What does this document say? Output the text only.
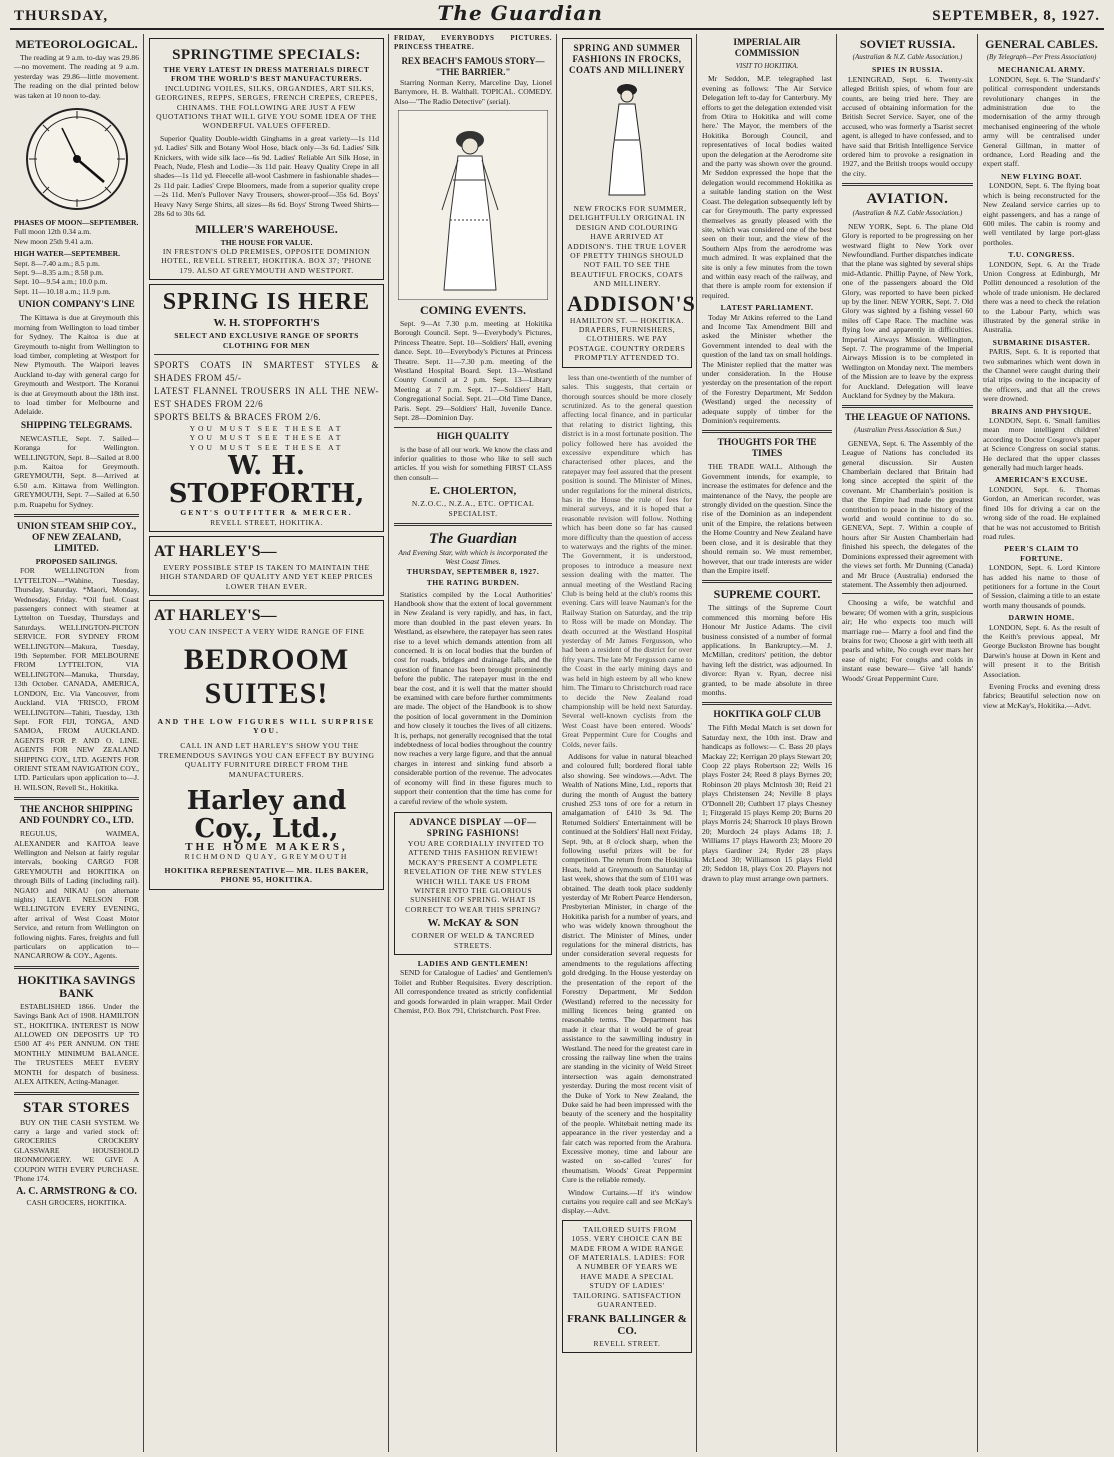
THURSDAY,	The Guardian	SEPTEMBER, 8, 1927.
METEOROLOGICAL.

The reading at 9 a.m. to-day was 29.86—no movement. The reading at 9 a.m. yesterday was 29.86—little movement. The reading on the dial printed below was taken at 10 noon to-day.

PHASES OF MOON—SEPTEMBER.
Full moon 12th 0.34 a.m.
New moon 25th 9.41 a.m.
HIGH WATER—SEPTEMBER.
Sept. 8—7.40 a.m.; 8.5 p.m.
Sept. 9—8.35 a.m.; 8.58 p.m.
Sept. 10—9.54 a.m.; 10.0 p.m.
Sept. 11—10.18 a.m.; 11.9 p.m.
UNION COMPANY'S LINE

The Kittawa is due at Greymouth this morning from Wellington to load timber for Sydney. The Kaitoa is due at Greymouth to-night from Wellington to load timber, completing at Westport for New Plymouth. The Waipori leaves Auckland to-day with general cargo for Greymouth and Westport. The Koranui is due at Greymouth about the 18th inst. to load timber for Melbourne and Adelaide.

SHIPPING TELEGRAMS.

NEWCASTLE, Sept. 7. Sailed—Koranga for Wellington. WELLINGTON, Sept. 8—Sailed at 8.00 p.m. Kaitoa for Greymouth. GREYMOUTH, Sept. 8—Arrived at 6.50 a.m. Kittawa from Wellington. GREYMOUTH, Sept. 7—Sailed at 6.50 p.m. Ruapehu for Sydney.

UNION STEAM SHIP COY., OF NEW ZEALAND, LIMITED.
PROPOSED SAILINGS.

FOR WELLINGTON from LYTTELTON—*Wahine, Tuesday, Thursday, Saturday. *Maori, Monday, Wednesday, Friday. *Oil fuel. Coast passengers connect with steamer at Lyttelton on Tuesday, Thursdays and Saturdays. WELLINGTON-PICTON SERVICE. FOR SYDNEY FROM WELLINGTON—Makura, Tuesday, 19th September. FOR MELBOURNE FROM LYTTELTON, VIA WELLINGTON—Manuka, Thursday, 13th October. CANADA, AMERICA, LONDON, Etc. Via Vancouver, from Auckland. VIA 'FRISCO, FROM WELLINGTON—Tahiti, Tuesday, 13th Sept. FOR FIJI, TONGA, AND SAMOA, FROM AUCKLAND. AGENTS FOR P. AND O. LINE. AGENTS FOR NEW ZEALAND SHIPPING COY., LTD. AGENTS FOR ORIENT STEAM NAVIGATION COY., LTD. Particulars upon application to—J. H. WILSON, Revell St., Hokitika.

THE ANCHOR SHIPPING AND FOUNDRY CO., LTD.

REGULUS, WAIMEA, ALEXANDER and KAITOA leave Wellington and Nelson at fairly regular intervals, booking CARGO FOR GREYMOUTH and HOKITIKA on through Bills of Lading (including rail). NGAIO and NIKAU (on alternate nights) LEAVE NELSON FOR WELLINGTON EVERY EVENING, after arrival of West Coast Motor Service, and return from Wellington on following nights. Fares, freights and full particulars on application to— NANCARROW & COY., Agents.

HOKITIKA SAVINGS BANK

ESTABLISHED 1866. Under the Savings Bank Act of 1908. HAMILTON ST., HOKITIKA. INTEREST IS NOW ALLOWED ON DEPOSITS UP TO £500 AT 4½ PER ANNUM. ON THE MONTHLY MINIMUM BALANCE. The TRUSTEES MEET EVERY MONTH for despatch of business. ALEX AITKEN, Acting-Manager.

STAR STORES

BUY ON THE CASH SYSTEM. We carry a large and varied stock of: GROCERIES CROCKERY GLASSWARE HOUSEHOLD IRONMONGERY. WE GIVE A COUPON WITH EVERY PURCHASE. 'Phone 174.

A. C. ARMSTRONG & CO.
CASH GROCERS, HOKITIKA.
SPRINGTIME SPECIALS:
THE VERY LATEST IN DRESS MATERIALS DIRECT FROM THE WORLD'S BEST MANUFACTURERS.

INCLUDING VOILES, SILKS, ORGANDIES, ART SILKS, GEORGINES, REPPS, SERGES, FRENCH CREPES, CREPES, CHINAMS. THE FOLLOWING ARE JUST A FEW QUOTATIONS THAT WILL GIVE YOU SOME IDEA OF THE WONDERFUL VALUES OFFERED.

Superior Quality Double-width Ginghams in a great variety—1s 11d yd. Ladies' Silk and Botany Wool Hose, black only—3s 6d. Ladies' Silk Knickers, with wide silk lace—6s 9d. Ladies' Reliable Art Silk Hose, in Peach, Nude, Flesh and Lodie—3s 11d pair. Heavy Quality Crepe in all shades—1s 11d yd. Fleecelle all-wool Cashmere in fashionable shades—2s 11d pair. Ladies' Crepe Bloomers, made from a superior quality crepe—2s 11d. Men's Pullover Navy Trousers, shower-proof—35s 6d. Boys' Heavy Navy Serge Shirts, all sizes—8s 6d. Boys' Strong Tweed Shirts—28s 6d to 30s 6d.

MILLER'S WAREHOUSE.
THE HOUSE FOR VALUE.
IN FRESTON'S OLD PREMISES, OPPOSITE DOMINION HOTEL, REVELL STREET, HOKITIKA. BOX 37; 'PHONE 179. ALSO AT GREYMOUTH AND WESTPORT.
SPRING IS HERE
W. H. STOPFORTH'S
SELECT AND EXCLUSIVE RANGE OF SPORTS CLOTHING FOR MEN
SPORTS COATS IN SMARTEST STYLES & SHADES FROM 45/-
LATEST FLANNEL TROUSERS IN ALL THE NEW-EST SHADES FROM 22/6
SPORTS BELTS & BRACES FROM 2/6.
YOU MUST SEE THESE AT
YOU MUST SEE THESE AT
YOU MUST SEE THESE AT
W. H. STOPFORTH,
GENT'S OUTFITTER & MERCER.
REVELL STREET, HOKITIKA.
AT HARLEY'S—
EVERY POSSIBLE STEP IS TAKEN TO MAINTAIN THE HIGH STANDARD OF QUALITY AND YET KEEP PRICES LOWER THAN EVER.
AT HARLEY'S—
YOU CAN INSPECT A VERY WIDE RANGE OF FINE
BEDROOM SUITES!
AND THE LOW FIGURES WILL SURPRISE YOU.

CALL IN AND LET HARLEY'S SHOW YOU THE TREMENDOUS SAVINGS YOU CAN EFFECT BY BUYING QUALITY FURNITURE DIRECT FROM THE MANUFACTURERS.

Harley and Coy., Ltd.,
THE HOME MAKERS,
RICHMOND QUAY, GREYMOUTH
HOKITIKA REPRESENTATIVE— MR. ILES BAKER, PHONE 95, HOKITIKA.
FRIDAY, EVERYBODYS PICTURES. PRINCESS THEATRE.
REX BEACH'S FAMOUS STORY— "THE BARRIER."

Starring Norman Kerry, Marceline Day, Lionel Barrymore, H. B. Walthall. TOPICAL. COMEDY. Also—"The Radio Detective" (serial).

COMING EVENTS.

Sept. 9—At 7.30 p.m. meeting at Hokitika Borough Council. Sept. 9—Everybody's Pictures, Princess Theatre. Sept. 10—Soldiers' Hall, evening dance. Sept. 10—Everybody's Pictures at Princess Theatre. Sept. 11—7.30 p.m. meeting of the Westland Hospital Board. Sept. 13—Westland County Council at 2 p.m. Sept. 13—Library Meeting at 7 p.m. Sept. 17—Soldiers' Hall, Congregational Social. Sept. 21—Old Time Dance, Paris. Sept. 29—Soldiers' Hall, Juvenile Dance. Sept. 28—Dominion Day.

HIGH QUALITY

is the base of all our work. We know the class and inferior qualities to those who like to sell such articles. If you wish for something FIRST CLASS then consult—

E. CHOLERTON,
N.Z.O.C., N.Z.A., ETC. OPTICAL SPECIALIST.
The Guardian
And Evening Star, with which is incorporated the West Coast Times.
THURSDAY, SEPTEMBER 8, 1927.
THE RATING BURDEN.

Statistics compiled by the Local Authorities' Handbook show that the extent of local government in New Zealand is very rapidly, and has, in fact, more than doubled in the past eleven years. In Westland, as elsewhere, the ratepayer has seen rates rise to a level which demands attention from all concerned. It is on local bodies that the burden of cost for roads, bridges and drainage falls, and the question of finance has been brought prominently before the public. The ratepayer must in the end bear the cost, and it is well that the matter should be examined with care before further commitments are made. The object of the Handbook is to show the position of local government in the Dominion and how closely it touches the lives of all citizens. It is, perhaps, not generally recognised that the total indebtedness of local bodies throughout the country now reaches a very large figure, and that the annual charges in interest and sinking fund absorb a considerable portion of the revenue. The advocates of economy will find in these figures much to support their contention that the time has come for a careful review of the whole system.

ADVANCE DISPLAY —OF— SPRING FASHIONS!

YOU ARE CORDIALLY INVITED TO ATTEND THIS FASHION REVIEW! MCKAY'S PRESENT A COMPLETE REVELATION OF THE NEW STYLES WHICH WILL TAKE US FROM WINTER INTO THE GLORIOUS SUNSHINE OF SPRING. WHAT IS CORRECT TO WEAR THIS SPRING?

W. McKAY & SON
CORNER OF WELD & TANCRED STREETS.
LADIES AND GENTLEMEN!

SEND for Catalogue of Ladies' and Gentlemen's Toilet and Rubber Requisites. Every description. All correspondence treated as strictly confidential and goods forwarded in plain wrapper. Mail Order Chemist, P.O. Box 791, Christchurch. Post Free.

SPRING AND SUMMER FASHIONS IN FROCKS, COATS AND MILLINERY

NEW FROCKS FOR SUMMER, DELIGHTFULLY ORIGINAL IN DESIGN AND COLOURING HAVE ARRIVED AT ADDISON'S. THE TRUE LOVER OF PRETTY THINGS SHOULD NOT FAIL TO SEE THE BEAUTIFUL FROCKS, COATS AND MILLINERY.

ADDISON'S
HAMILTON ST. — HOKITIKA. DRAPERS, FURNISHERS, CLOTHIERS. WE PAY POSTAGE. COUNTRY ORDERS PROMPTLY ATTENDED TO.

less than one-twentieth of the number of sales. This suggests, that certain or thorough sources should be more closely scrutinized. As to the general question affecting local finance, and in particular that relating to district lighting, this district is in a most fortunate position. The policy followed here has avoided the excessive expenditure which has characterised other places, and the ratepayer may feel assured that the present position is sound. The Minister of Mines, under regulations for the mineral districts, has in the House the rule of fees for mineral surveys, and it is hoped that a reasonable revision will follow. Nothing which has been done so far has caused more difficulty than the question of access to waterways and the rights of the miner. The Government, it is understood, proposes to introduce a measure next session dealing with the matter. The annual meeting of the Westland Racing Club is being held at the club's rooms this evening. Cars will leave Nauman's for the Railway Station on Saturday, and the trip to Ross will be made on Monday. The death occurred at the Westland Hospital yesterday of Mr James Fergusson, who had been a resident of the district for over fifty years. The late Mr Fergusson came to the Coast in the early mining days and was held in high esteem by all who knew him. The Timaru to Christchurch road race to decide the New Zealand road championship will be held next Saturday. Several well-known cyclists from the West Coast have been entered. Woods' Great Peppermint Cure for Coughs and Colds, never fails.

Addisons for value in natural bleached and coloured full; bordered floral table also showing. See windows.—Advt. The Wealth of Nations Mine, Ltd., reports that during the month of August the battery crushed 253 tons of ore for a return in amalgamation of £410 3s 9d. The Returned Soldiers' Entertainment will be continued at the Soldiers' Hall next Friday, Sept. 9th, at 8 o'clock sharp, when the following useful prizes will be for competition. The return from the Hokitika Heats, held at Greymouth on Saturday of last week, shows that the sum of £101 was obtained. The death took place suddenly yesterday of Mr Robert Pearce Henderson, Presbyterian Minister, in charge of the Hokitika parish for a number of years, and who was widely known throughout the district. The Minister of Mines, under regulations for the mineral districts, has under consideration several requests for amendments to the regulations affecting gold dredging. In the House yesterday on the presentation of the report of the Forestry Department, Mr Seddon (Westland) referred to the necessity for milling licences being granted on reasonable terms. The Department has made it clear that it would be of great assistance to the sawmilling industry in Westland. The need for the greatest care in crossing the railway line when the trains are standing in the vicinity of Weld Street intersection was again demonstrated yesterday. During the most recent visit of the Duke of York to New Zealand, the Duke said he had been impressed with the beauty of the scenery and the hospitality of the people. Whitebait netting made its appearance in the river yesterday and a fair catch was reported from the Arahura. Excessive money, time and labour are wasted on so-called 'cures' for rheumatism. Woods' Great Peppermint Cure is the reliable remedy.

Window Curtains.—If it's window curtains you require call and see McKay's display.—Advt.

TAILORED SUITS FROM 105S. VERY CHOICE CAN BE MADE FROM A WIDE RANGE OF MATERIALS. LADIES: FOR A NUMBER OF YEARS WE HAVE MADE A SPECIAL STUDY OF LADIES' TAILORING. SATISFACTION GUARANTEED.

FRANK BALLINGER & CO.
REVELL STREET.
IMPERIAL AIR COMMISSION
VISIT TO HOKITIKA.

Mr Seddon, M.P. telegraphed last evening as follows: 'The Air Service Delegation left to-day for Canterbury. My efforts to get the delegation extended visit from Otira to Hokitika and will come here.' The Mayor, the members of the Hokitika Borough Council, and representatives of local bodies waited upon the delegation at the Aerodrome site and the party was shown over the ground. Mr Seddon expressed the hope that the delegation would recommend Hokitika as a suitable landing station on the West Coast. The delegation subsequently left by car for Greymouth. The party expressed themselves as greatly pleased with the site, which was considered one of the best seen on their tour, and the view of the Southern Alps from the aerodrome was much admired. It was explained that the site is only a few minutes from the town and within easy reach of the railway, and that there is ample room for extension if required.

LATEST PARLIAMENT.

Today Mr Atkins referred to the Land and Income Tax Amendment Bill and asked the Minister whether the Government intended to deal with the question of the land tax on small holdings. The Minister replied that the matter was under consideration. In the House yesterday on the presentation of the report of the Forestry Department, Mr Seddon (Westland) urged the necessity of adequate supply of timber for the Dominion's requirements.

THOUGHTS FOR THE TIMES

THE TRADE WALL. Although the Government intends, for example, to increase the estimates for defence and the maintenance of the Navy, the people are strongly divided on the question. Since the rise of the Dominion as an independent unit of the Empire, the relations between the Home Country and New Zealand have been close, and it is desirable that they should remain so. We must remember, however, that our trade interests are wider than the Empire itself.

SUPREME COURT.

The sittings of the Supreme Court commenced this morning before His Honour Mr Justice Adams. The civil business consisted of a number of formal applications. In Bankruptcy.—M. J. McMillan, creditors' petition, the debtor having left the district, was adjourned. In divorce: Ryan v. Ryan, decree nisi granted, to be made absolute in three months.

HOKITIKA GOLF CLUB

The Fifth Medal Match is set down for Saturday next, the 10th inst. Draw and handicaps as follows:— C. Bass 20 plays Mackay 22; Kerrigan 20 plays Stewart 20; Coop 22 plays Robertson 22; Wells 16 plays Foster 24; Reed 8 plays Byrnes 20; Robinson 20 plays McIntosh 30; Reid 21 plays Christensen 24; Neville 8 plays O'Donnell 20; Cuthbert 17 plays Chesney 1; Fitzgerald 15 plays Kemp 20; Burns 20 plays Morris 24; Sharrock 10 plays Brown 20; Murdoch 24 plays Adams 18; J. Williams 17 plays Haworth 23; Moore 20 plays Gardiner 24; Ryder 28 plays McLeod 30; Williamson 15 plays Field 20; Seddon 18, plays Cox 20. Players not drawn to play must arrange own partners.

GENERAL CABLES.
(By Telegraph—Per Press Association)
MECHANICAL ARMY.

LONDON, Sept. 6. The 'Standard's' political correspondent understands revolutionary changes in the administration due to the modernisation of the army through mechanised engineering of the whole army will be centralised under General Gillman, in matter of ordnance, Lord Reading and the expert staff.

NEW FLYING BOAT.

LONDON, Sept. 6. The flying boat which is being reconstructed for the New Zealand service carries up to eight passengers, and has a range of 600 miles. The cabin is roomy and well ventilated by large port-glass portholes.

T.U. CONGRESS.

LONDON, Sept. 6. At the Trade Union Congress at Edinburgh, Mr Pollitt denounced a resolution of the whole of trade unionism. He declared there was a need to check the relation to the Labour Party, which was illustrated by the general strike in Australia.

SUBMARINE DISASTER.

PARIS, Sept. 6. It is reported that two submarines which went down in the Channel were caught during their trial trips owing to the incapacity of the officers, and that all the crews were drowned.

BRAINS AND PHYSIQUE.

LONDON, Sept. 6. 'Small families mean more intelligent children' according to Doctor Cosgrove's paper at Science Congress on social status. He declared that the upper classes generally had much larger heads.

AMERICAN'S EXCUSE.

LONDON, Sept. 6. Thomas Gordon, an American recorder, was fined 10s for driving a car on the wrong side of the road. He explained that he was not accustomed to British road rules.

PEER'S CLAIM TO FORTUNE.

LONDON, Sept. 6. Lord Kintore has added his name to those of petitioners for a fortune in the Court of Session, claiming a title to an estate worth many thousands of pounds.

DARWIN HOME.

LONDON, Sept. 6. As the result of the Keith's previous appeal, Mr George Buckston Browne has bought Darwin's house at Down in Kent and will present it to the British Association.

Evening Frocks and evening dress fabrics; Beautiful selection now on view at McKay's, Hokitika.—Advt.

SOVIET RUSSIA.
(Australian & N.Z. Cable Association.)
SPIES IN RUSSIA.

LENINGRAD, Sept. 6. Twenty-six alleged British spies, of whom four are counts, are being tried here. They are accused of obtaining information for the British Secret Service. Sayer, one of the accused, who was formerly a Tsarist secret agent, is alleged to have confessed, and to have said that British Intelligence Service ordered him to provoke a resignation in 1927, and the British troops would occupy the city.

AVIATION.
(Australian & N.Z. Cable Association.)

NEW YORK, Sept. 6. The plane Old Glory is reported to be progressing on her westward flight to New York over Newfoundland. Further dispatches indicate that the plane was sighted by several ships mid-Atlantic. Phillip Payne, of New York, one of the passengers aboard the Old Glory, was reported to have been picked up by the liner. NEW YORK, Sept. 7. Old Glory was sighted by a fishing vessel 60 miles off Cape Race. The machine was flying low and apparently in difficulties. Imperial Airways Mission. Wellington, Sept. 7. The programme of the Imperial Airways Mission is to be completed in Wellington on Monday next. The members of the Mission are to leave by the express for Auckland. Delegation will leave Auckland for Sydney by the Makura.

THE LEAGUE OF NATIONS.
(Australian Press Association & Sun.)

GENEVA, Sept. 6. The Assembly of the League of Nations has concluded its general discussion. Sir Austen Chamberlain declared that Britain had long since accepted the spirit of the covenant. Mr Chamberlain's position is that the Empire had made the greatest contribution to peace in the history of the world and would continue to do so. GENEVA, Sept. 7. Within a couple of hours after Sir Austen Chamberlain had finished his speech, the delegates of the Dominions expressed their agreement with the views set forth. Mr Dunning (Canada) and Mr Bruce (Australia) endorsed the statement. The Assembly then adjourned.

Choosing a wife, be watchful and beware; Of women with a grin, suspicious air; He who expects too much will marriage rue— Marry a fool and find the brains for two; Choose a girl with teeth all pearls and white, No cough ever mars her ease of night; For coughs and colds in instant ease beware— Give 'all hands' Woods' Great Peppermint Cure.
